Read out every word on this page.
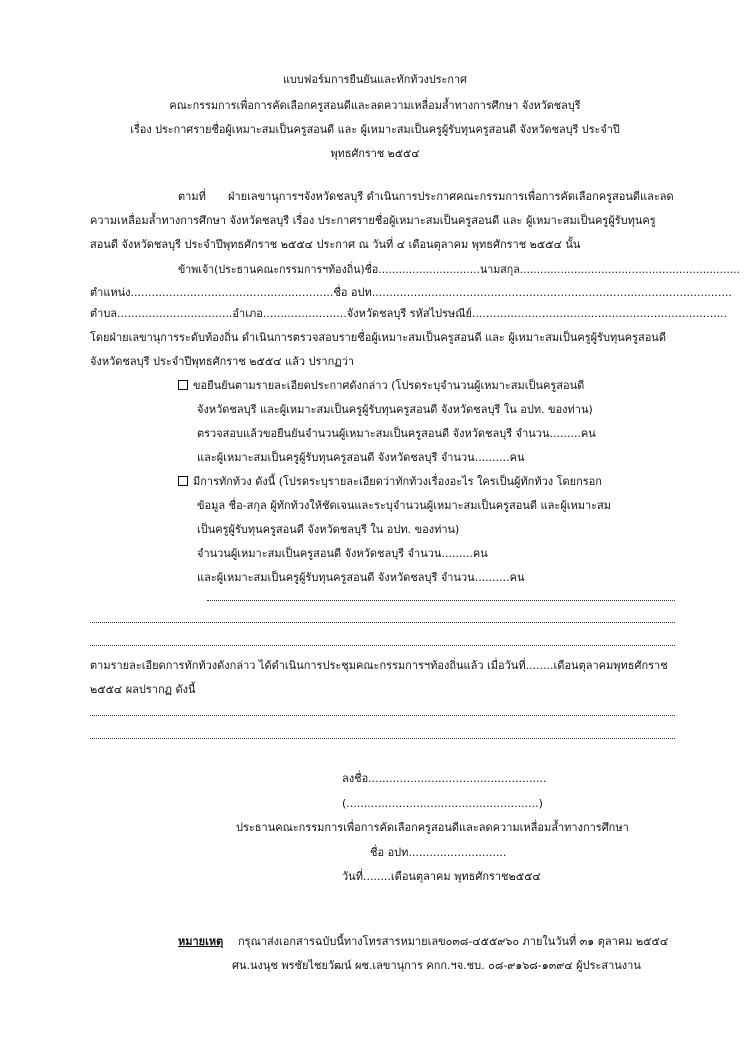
แบบฟอร์มการยืนยันและทักท้วงประกาศ
คณะกรรมการเพื่อการคัดเลือกครูสอนดีและลดความเหลื่อมล้ำทางการศึกษา จังหวัดชลบุรี
เรื่อง ประกาศรายชื่อผู้เหมาะสมเป็นครูสอนดี และ ผู้เหมาะสมเป็นครูผู้รับทุนครูสอนดี จังหวัดชลบุรี ประจำปี
พุทธศักราช ๒๕๕๔
ตามที่ ฝ่ายเลขานุการฯจังหวัดชลบุรี ดำเนินการประกาศคณะกรรมการเพื่อการคัดเลือกครูสอนดีและลด
ความเหลื่อมล้ำทางการศึกษา จังหวัดชลบุรี เรื่อง ประกาศรายชื่อผู้เหมาะสมเป็นครูสอนดี และ ผู้เหมาะสมเป็นครูผู้รับทุนครู
สอนดี จังหวัดชลบุรี ประจำปีพุทธศักราช ๒๕๕๔ ประกาศ ณ วันที่ ๔ เดือนตุลาคม พุทธศักราช ๒๕๕๔ นั้น
ข้าพเจ้า(ประธานคณะกรรมการฯท้องถิ่น)ชื่อ..............................นามสกุล.................................................................
ตำแหน่ง..........................................................ชื่อ อปท.......................................................................................................
ตำบล.................................อำเภอ........................จังหวัดชลบุรี รหัสไปรษณีย์.........................................................................
โดยฝ่ายเลขานุการระดับท้องถิ่น ดำเนินการตรวจสอบรายชื่อผู้เหมาะสมเป็นครูสอนดี และ ผู้เหมาะสมเป็นครูผู้รับทุนครูสอนดี
จังหวัดชลบุรี ประจำปีพุทธศักราช ๒๕๕๔ แล้ว ปรากฏว่า
ขอยืนยันตามรายละเอียดประกาศดังกล่าว (โปรดระบุจำนวนผู้เหมาะสมเป็นครูสอนดี
จังหวัดชลบุรี และผู้เหมาะสมเป็นครูผู้รับทุนครูสอนดี จังหวัดชลบุรี ใน อปท. ของท่าน)
ตรวจสอบแล้วขอยืนยันจำนวนผู้เหมาะสมเป็นครูสอนดี จังหวัดชลบุรี จำนวน.........คน
และผู้เหมาะสมเป็นครูผู้รับทุนครูสอนดี จังหวัดชลบุรี จำนวน..........คน
มีการทักท้วง ดังนี้ (โปรดระบุรายละเอียดว่าทักท้วงเรื่องอะไร ใครเป็นผู้ทักท้วง โดยกรอก
ข้อมูล ชื่อ-สกุล ผู้ทักท้วงให้ชัดเจนและระบุจำนวนผู้เหมาะสมเป็นครูสอนดี และผู้เหมาะสม
เป็นครูผู้รับทุนครูสอนดี จังหวัดชลบุรี ใน อปท. ของท่าน)
จำนวนผู้เหมาะสมเป็นครูสอนดี จังหวัดชลบุรี จำนวน.........คน
และผู้เหมาะสมเป็นครูผู้รับทุนครูสอนดี จังหวัดชลบุรี จำนวน..........คน
ตามรายละเอียดการทักท้วงดังกล่าว ได้ดำเนินการประชุมคณะกรรมการฯท้องถิ่นแล้ว เมื่อวันที่........เดือนตุลาคมพุทธศักราช
๒๕๕๔ ผลปรากฏ ดังนี้
ลงชื่อ...................................................
(.......................................................)
ประธานคณะกรรมการเพื่อการคัดเลือกครูสอนดีและลดความเหลื่อมล้ำทางการศึกษา
ชื่อ อปท............................
วันที่........เดือนตุลาคม พุทธศักราช๒๕๕๔
หมายเหตุ กรุณาส่งเอกสารฉบับนี้ทางโทรสารหมายเลข๐๓๘-๔๕๕๙๖๐ ภายในวันที่ ๓๑ ตุลาคม ๒๕๕๔
ศน.นงนุช พรชัยไชยวัฒน์ ผช.เลขานุการ คกก.ฯจ.ชบ. ๐๘-๙๑๖๘-๑๓๙๔ ผู้ประสานงาน
